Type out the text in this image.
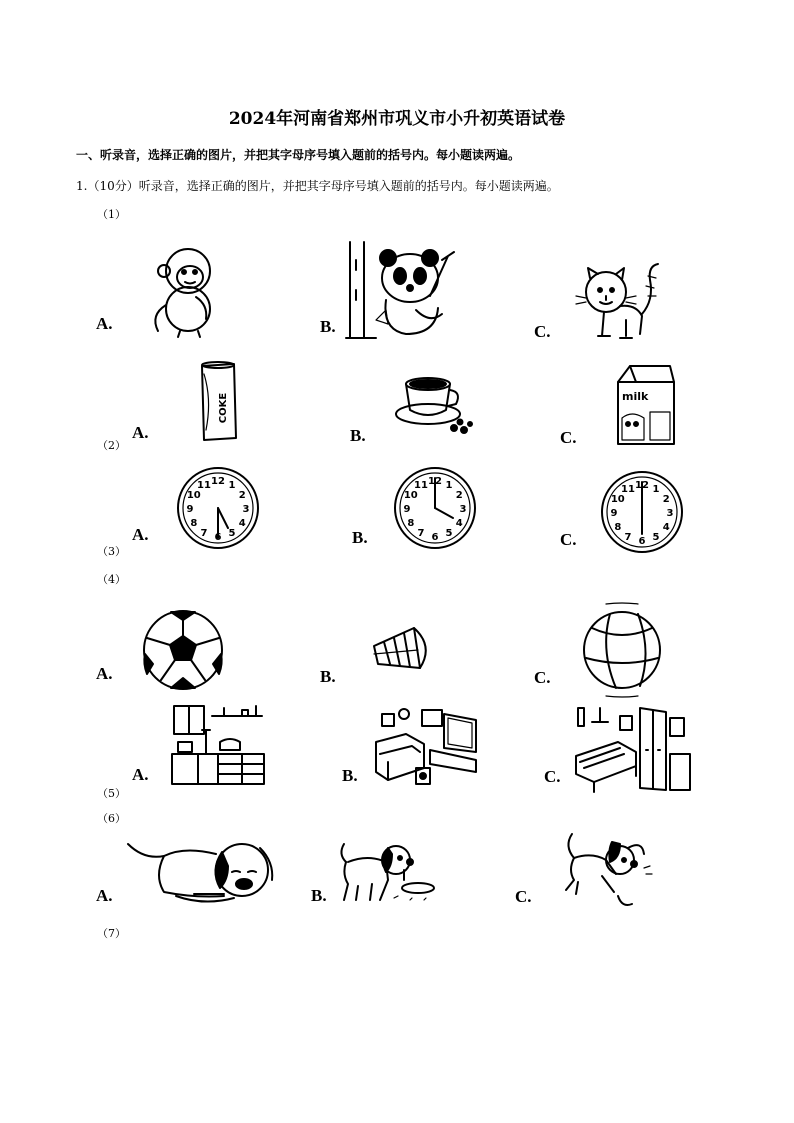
2024年河南省郑州市巩义市小升初英语试卷
一、听录音，选择正确的图片，并把其字母序号填入题前的括号内。每小题读两遍。
1.（10分）听录音，选择正确的图片，并把其字母序号填入题前的括号内。每小题读两遍。
（1）
（2）
（3）
（4）
（5）
（6）
（7）
A.	B.	C.
A.	B.	C.
A.	B.	C.
A.	B.	C.
A.	B.	C.
A.	B.	C.
COKE	milk
12 1
2
3
4
5
6
7
8
9
10
11	12 1
2
3
4
5
6
7
8
9
10
11	12 1
2
3
4
5
6
7
8
9
10
11
